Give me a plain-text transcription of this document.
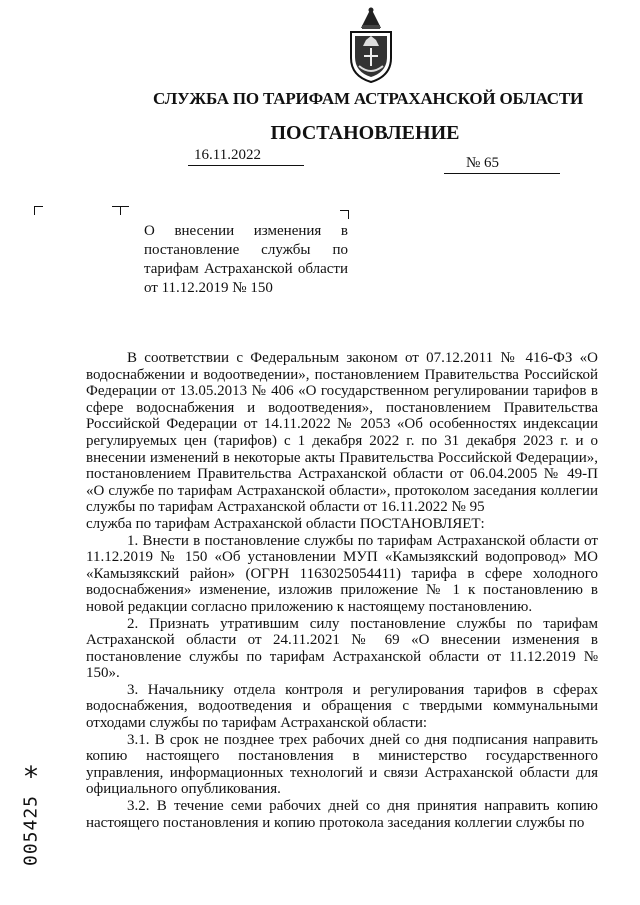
СЛУЖБА ПО ТАРИФАМ АСТРАХАНСКОЙ ОБЛАСТИ
ПОСТАНОВЛЕНИЕ
16.11.2022	№ 65
О внесении изменения в постановление службы по тарифам Астраханской области от 11.12.2019 № 150

В соответствии с Федеральным законом от 07.12.2011 № 416-ФЗ «О водоснабжении и водоотведении», постановлением Правительства Российской Федерации от 13.05.2013 № 406 «О государственном регулировании тарифов в сфере водоснабжения и водоотведения», постановлением Правительства Российской Федерации от 14.11.2022 № 2053 «Об особенностях индексации регулируемых цен (тарифов) с 1 декабря 2022 г. по 31 декабря 2023 г. и о внесении изменений в некоторые акты Правительства Российской Федерации», постановлением Правительства Астраханской области от 06.04.2005 № 49-П «О службе по тарифам Астраханской области», протоколом заседания коллегии службы по тарифам Астраханской области от 16.11.2022 № 95

служба по тарифам Астраханской области ПОСТАНОВЛЯЕТ:

1. Внести в постановление службы по тарифам Астраханской области от 11.12.2019 № 150 «Об установлении МУП «Камызякский водопровод» МО «Камызякский район» (ОГРН 1163025054411) тарифа в сфере холодного водоснабжения» изменение, изложив приложение № 1 к постановлению в новой редакции согласно приложению к настоящему постановлению.

2. Признать утратившим силу постановление службы по тарифам Астраханской области от 24.11.2021 № 69 «О внесении изменения в постановление службы по тарифам Астраханской области от 11.12.2019 № 150».

3. Начальнику отдела контроля и регулирования тарифов в сферах водоснабжения, водоотведения и обращения с твердыми коммунальными отходами службы по тарифам Астраханской области:

3.1. В срок не позднее трех рабочих дней со дня подписания направить копию настоящего постановления в министерство государственного управления, информационных технологий и связи Астраханской области для официального опубликования.

3.2. В течение семи рабочих дней со дня принятия направить копию настоящего постановления и копию протокола заседания коллегии службы по

*
005425
